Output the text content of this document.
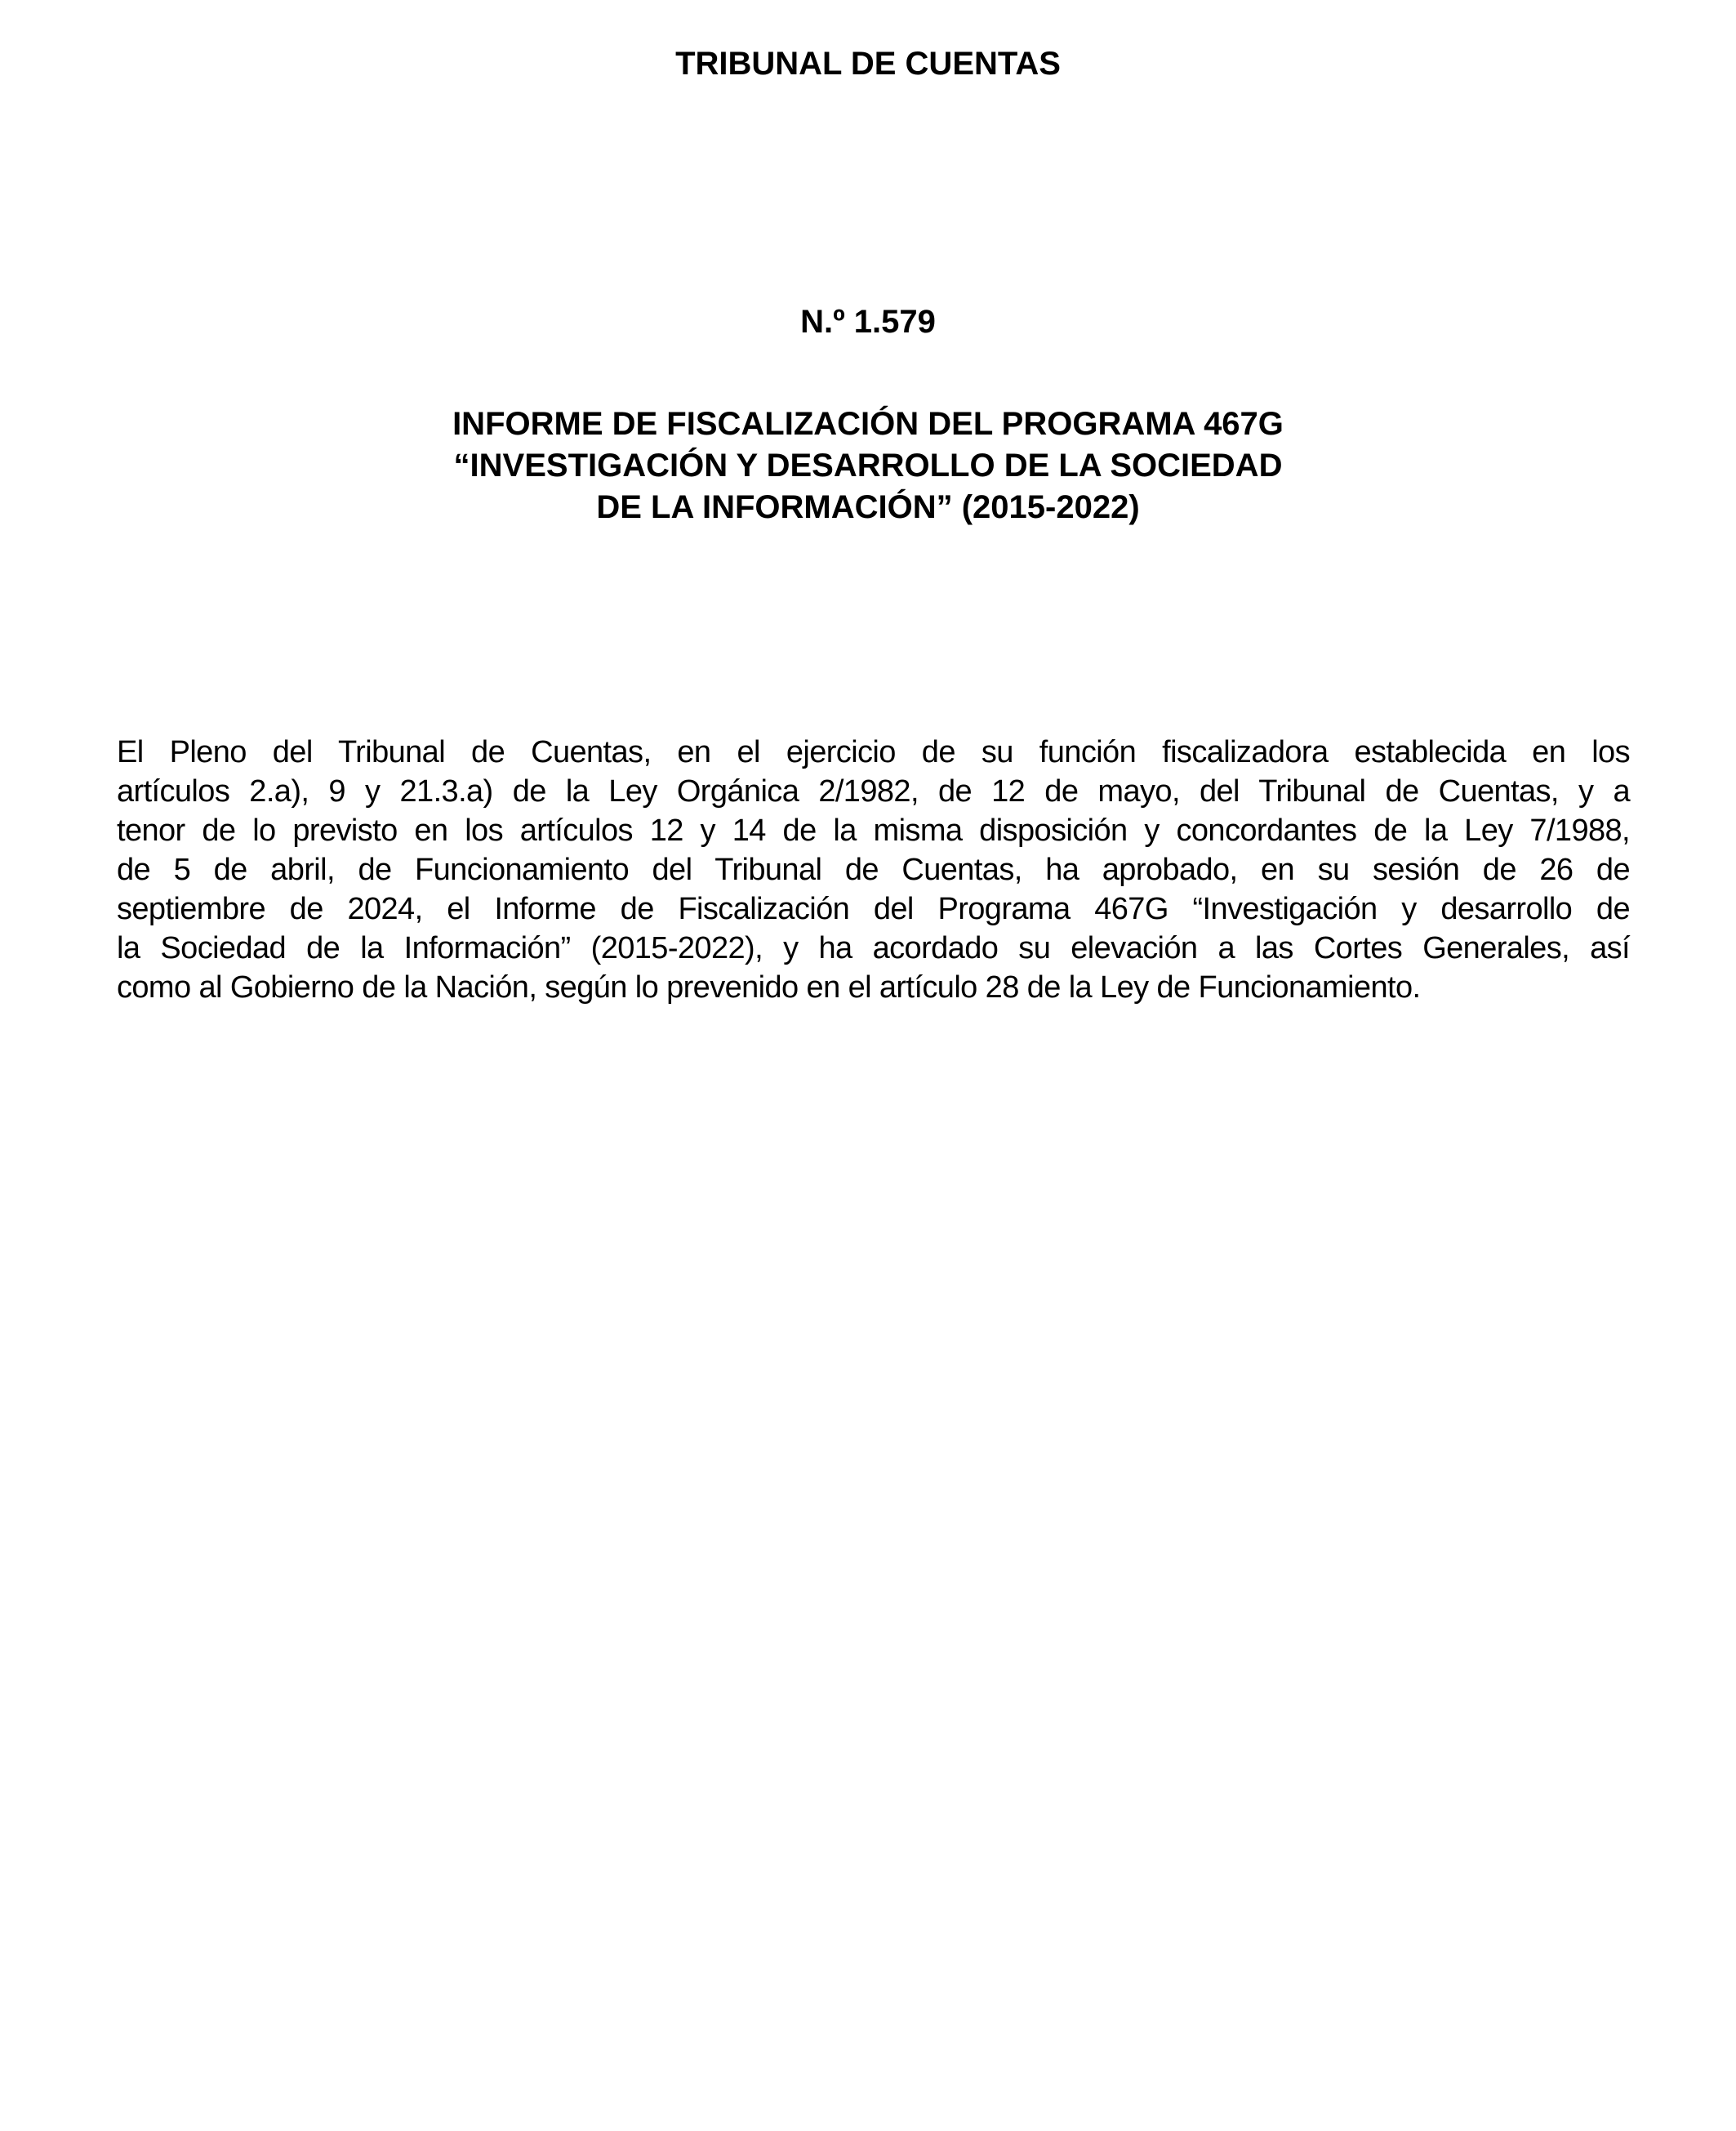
TRIBUNAL DE CUENTAS
N.º 1.579
INFORME DE FISCALIZACIÓN DEL PROGRAMA 467G
“INVESTIGACIÓN Y DESARROLLO DE LA SOCIEDAD
DE LA INFORMACIÓN” (2015-2022)
El Pleno del Tribunal de Cuentas, en el ejercicio de su función fiscalizadora establecida en los
artículos 2.a), 9 y 21.3.a) de la Ley Orgánica 2/1982, de 12 de mayo, del Tribunal de Cuentas, y a
tenor de lo previsto en los artículos 12 y 14 de la misma disposición y concordantes de la Ley 7/1988,
de 5 de abril, de Funcionamiento del Tribunal de Cuentas, ha aprobado, en su sesión de 26 de
septiembre de 2024, el Informe de Fiscalización del Programa 467G “Investigación y desarrollo de
la Sociedad de la Información” (2015-2022), y ha acordado su elevación a las Cortes Generales, así
como al Gobierno de la Nación, según lo prevenido en el artículo 28 de la Ley de Funcionamiento.
